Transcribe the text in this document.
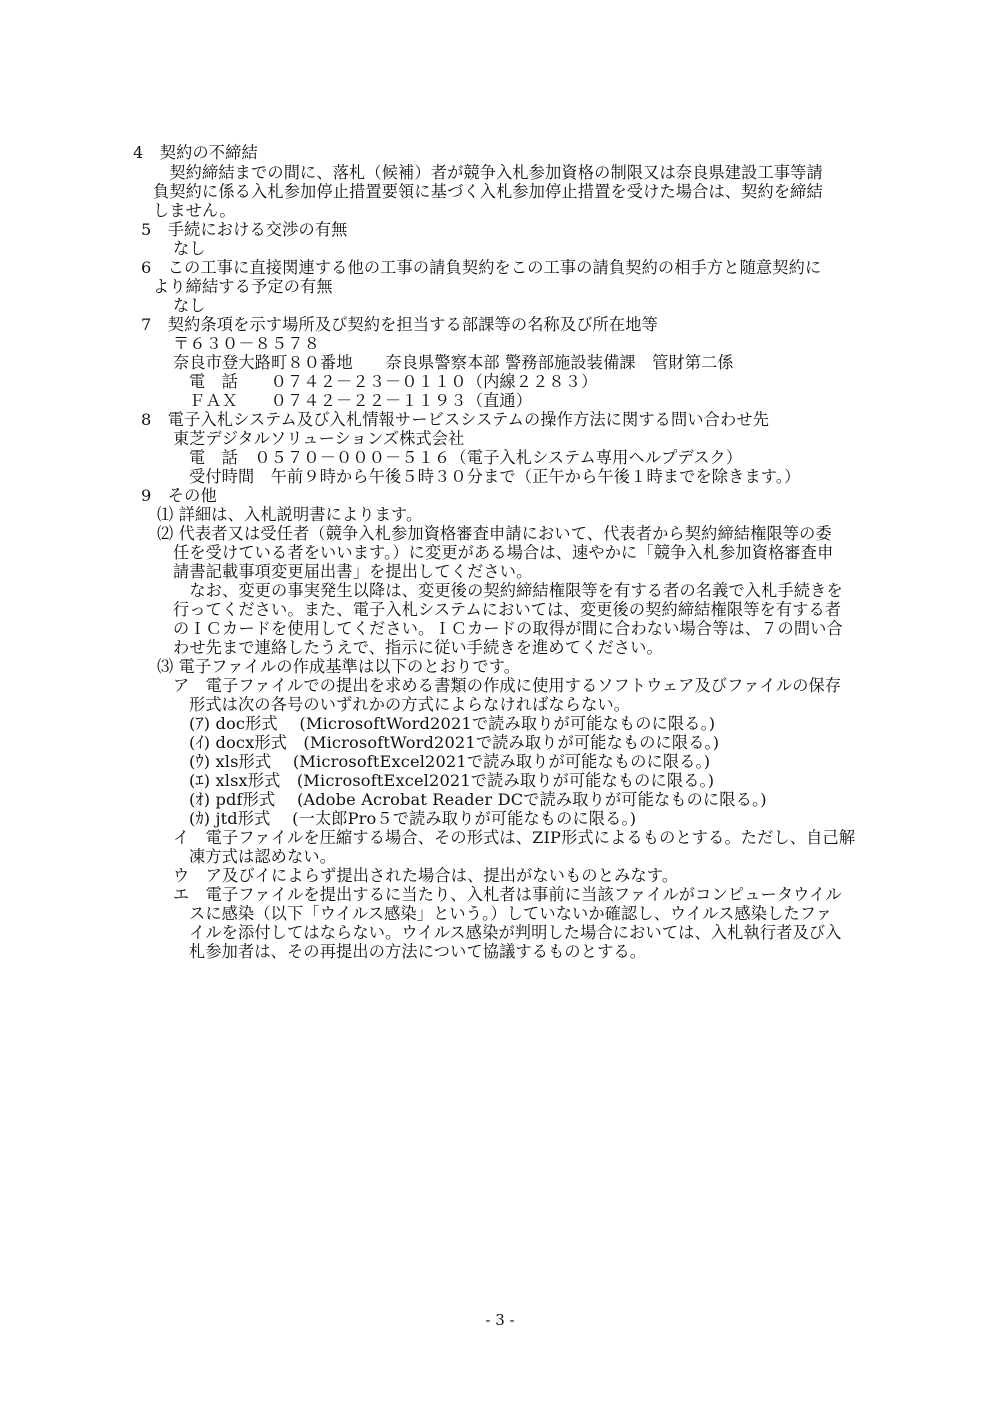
4　契約の不締結
　契約締結までの間に、落札（候補）者が競争入札参加資格の制限又は奈良県建設工事等請
負契約に係る入札参加停止措置要領に基づく入札参加停止措置を受けた場合は、契約を締結
しません。
5　手続における交渉の有無
なし
6　この工事に直接関連する他の工事の請負契約をこの工事の請負契約の相手方と随意契約に
より締結する予定の有無
なし
7　契約条項を示す場所及び契約を担当する部課等の名称及び所在地等
〒６３０－８５７８
奈良市登大路町８０番地　　奈良県警察本部 警務部施設装備課　管財第二係
電　話　　０７４２－２３－０１１０（内線２２８３）
ＦＡＸ　　０７４２－２２－１１９３（直通）
8　電子入札システム及び入札情報サービスシステムの操作方法に関する問い合わせ先
東芝デジタルソリューションズ株式会社
電　話　０５７０－０００－５１６（電子入札システム専用ヘルプデスク）
受付時間　午前９時から午後５時３０分まで（正午から午後１時までを除きます。）
9　その他
⑴ 詳細は、入札説明書によります。
⑵ 代表者又は受任者（競争入札参加資格審査申請において、代表者から契約締結権限等の委
任を受けている者をいいます。）に変更がある場合は、速やかに「競争入札参加資格審査申
請書記載事項変更届出書」を提出してください。
　なお、変更の事実発生以降は、変更後の契約締結権限等を有する者の名義で入札手続きを
行ってください。また、電子入札システムにおいては、変更後の契約締結権限等を有する者
のＩＣカードを使用してください。ＩＣカードの取得が間に合わない場合等は、７の問い合
わせ先まで連絡したうえで、指示に従い手続きを進めてください。
⑶ 電子ファイルの作成基準は以下のとおりです。
ア　電子ファイルでの提出を求める書類の作成に使用するソフトウェア及びファイルの保存
形式は次の各号のいずれかの方式によらなければならない。
(ｱ) doc形式　 (MicrosoftWord2021で読み取りが可能なものに限る。)
(ｲ) docx形式　(MicrosoftWord2021で読み取りが可能なものに限る。)
(ｳ) xls形式　 (MicrosoftExcel2021で読み取りが可能なものに限る。)
(ｴ) xlsx形式　(MicrosoftExcel2021で読み取りが可能なものに限る。)
(ｵ) pdf形式　 (Adobe Acrobat Reader DCで読み取りが可能なものに限る。)
(ｶ) jtd形式　 (一太郎Pro５で読み取りが可能なものに限る。)
イ　電子ファイルを圧縮する場合、その形式は、ZIP形式によるものとする。ただし、自己解
凍方式は認めない。
ウ　ア及びイによらず提出された場合は、提出がないものとみなす。
エ　電子ファイルを提出するに当たり、入札者は事前に当該ファイルがコンピュータウイル
スに感染（以下「ウイルス感染」という。）していないか確認し、ウイルス感染したファ
イルを添付してはならない。ウイルス感染が判明した場合においては、入札執行者及び入
札参加者は、その再提出の方法について協議するものとする。
- 3 -
